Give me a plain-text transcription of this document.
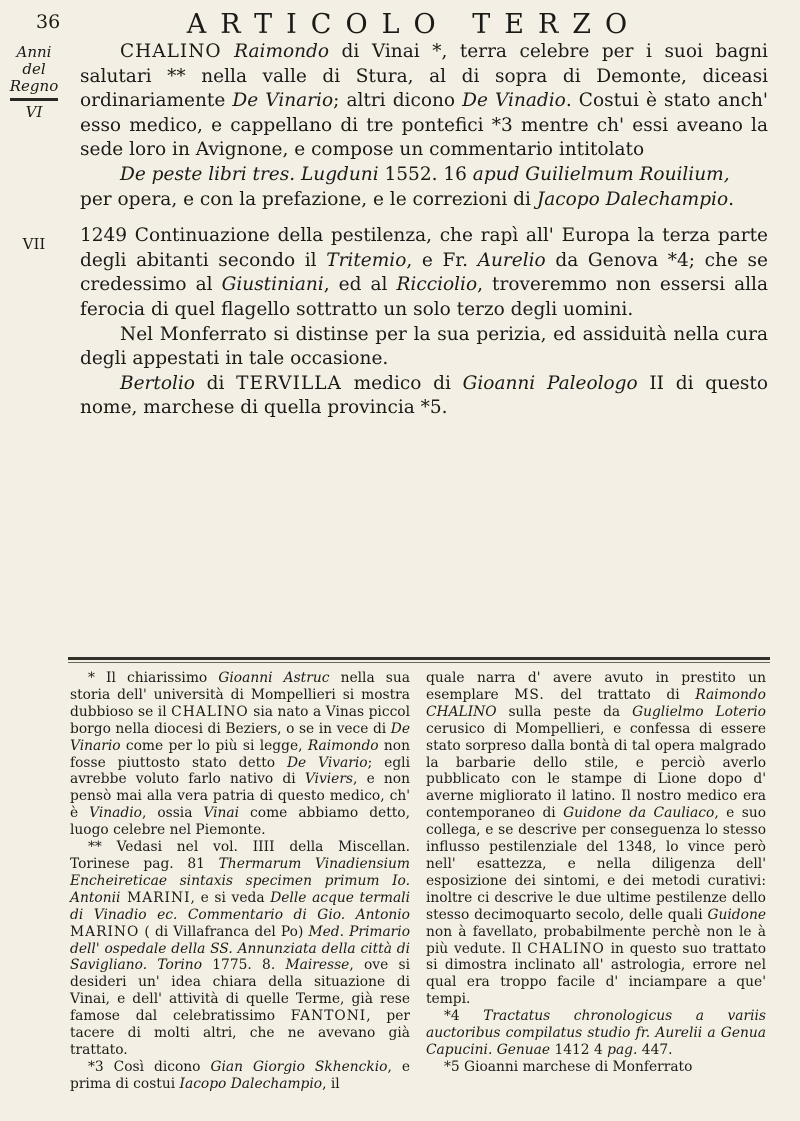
36	ARTICOLO TERZO
Anni
del Regno
VI
VII

CHALINO Raimondo di Vinai *, terra celebre per i suoi bagni salutari ** nella valle di Stura, al di sopra di Demonte, diceasi ordinariamente De Vinario; altri dicono De Vinadio. Costui è stato anch' esso medico, e cappellano di tre pontefici *3 mentre ch' essi aveano la sede loro in Avignone, e compose un commentario intitolato

De peste libri tres. Lugduni 1552. 16 apud Guilielmum Rouilium,

per opera, e con la prefazione, e le correzioni di Jacopo Dalechampio.

1249 Continuazione della pestilenza, che rapì all' Europa la terza parte degli abitanti secondo il Tritemio, e Fr. Aurelio da Genova *4; che se credessimo al Giustiniani, ed al Ricciolio, troveremmo non essersi alla ferocia di quel flagello sottratto un solo terzo degli uomini.

Nel Monferrato si distinse per la sua perizia, ed assiduità nella cura degli appestati in tale occasione.

Bertolio di TERVILLA medico di Gioanni Paleologo II di questo nome, marchese di quella provincia *5.

* Il chiarissimo Gioanni Astruc nella sua storia dell' università di Mompellieri si mostra dubbioso se il CHALINO sia nato a Vinas piccol borgo nella diocesi di Beziers, o se in vece di De Vinario come per lo più si legge, Raimondo non fosse piuttosto stato detto De Vivario; egli avrebbe voluto farlo nativo di Viviers, e non pensò mai alla vera patria di questo medico, ch' è Vinadio, ossia Vinai come abbiamo detto, luogo celebre nel Piemonte.

** Vedasi nel vol. IIII della Miscellan. Torinese pag. 81 Thermarum Vinadiensium Encheireticae sintaxis specimen primum Io. Antonii MARINI, e si veda Delle acque termali di Vinadio ec. Commentario di Gio. Antonio MARINO ( di Villafranca del Po) Med. Primario dell' ospedale della SS. Annunziata della città di Savigliano. Torino 1775. 8. Mairesse, ove si desideri un' idea chiara della situazione di Vinai, e dell' attività di quelle Terme, già rese famose dal celebratissimo FANTONI, per tacere di molti altri, che ne avevano già trattato.

*3 Così dicono Gian Giorgio Skhenckio, e prima di costui Iacopo Dalechampio, il

quale narra d' avere avuto in prestito un esemplare MS. del trattato di Raimondo CHALINO sulla peste da Guglielmo Loterio cerusico di Mompellieri, e confessa di essere stato sorpreso dalla bontà di tal opera malgrado la barbarie dello stile, e perciò averlo pubblicato con le stampe di Lione dopo d' averne migliorato il latino. Il nostro medico era contemporaneo di Guidone da Cauliaco, e suo collega, e se descrive per conseguenza lo stesso influsso pestilenziale del 1348, lo vince però nell' esattezza, e nella diligenza dell' esposizione dei sintomi, e dei metodi curativi: inoltre ci descrive le due ultime pestilenze dello stesso decimoquarto secolo, delle quali Guidone non à favellato, probabilmente perchè non le à più vedute. Il CHALINO in questo suo trattato si dimostra inclinato all' astrologia, errore nel qual era troppo facile d' inciampare a que' tempi.

*4 Tractatus chronologicus a variis auctoribus compilatus studio fr. Aurelii a Genua Capucini. Genuae 1412 4 pag. 447.

*5 Gioanni marchese di Monferrato
